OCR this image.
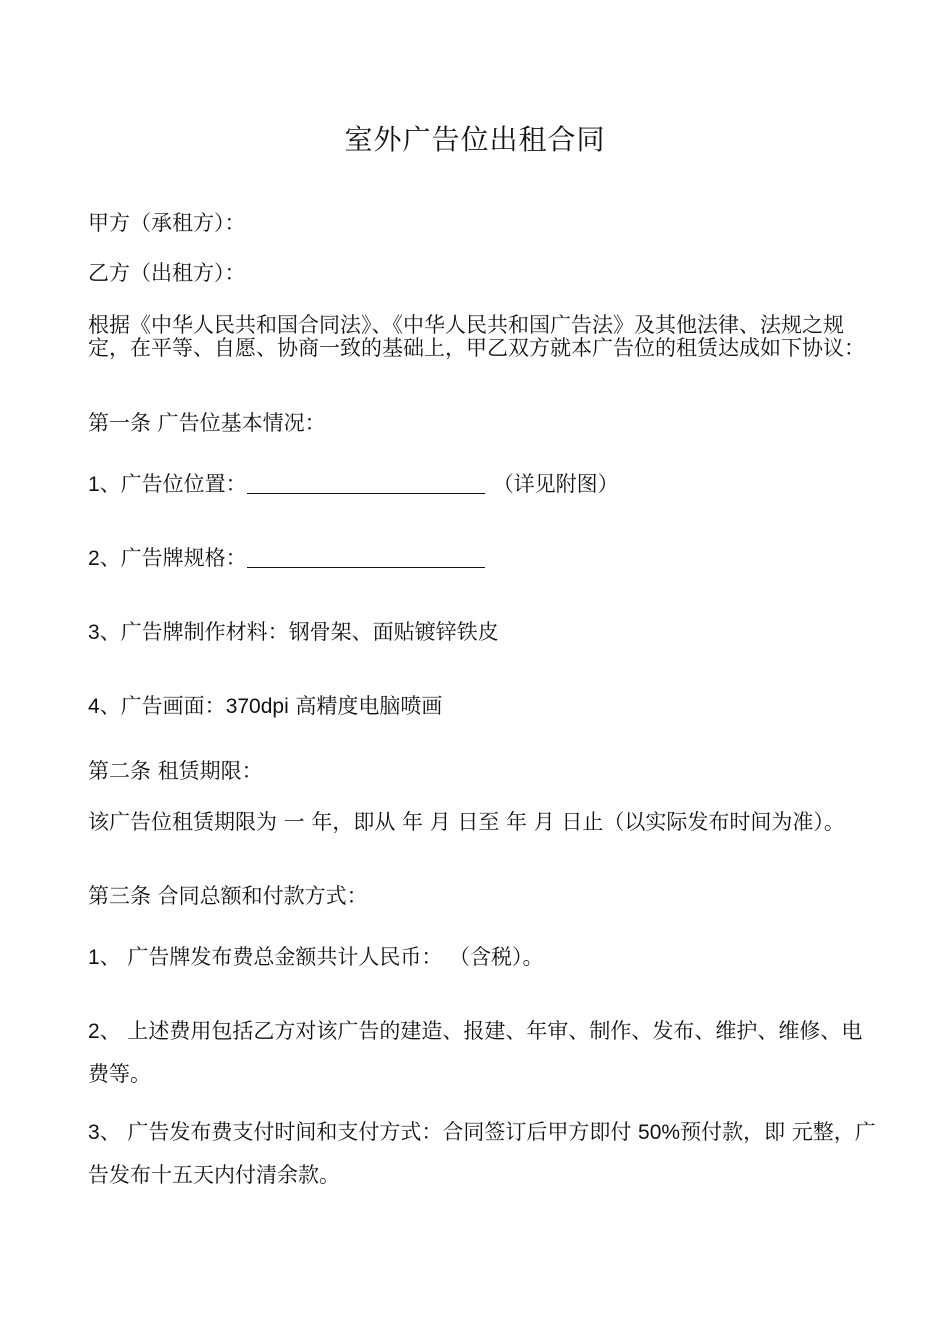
室外广告位出租合同

甲方（承租方）：

乙方（出租方）：

根据《中华人民共和国合同法》、《中华人民共和国广告法》及其他法律、法规之规定，在平等、自愿、协商一致的基础上，甲乙双方就本广告位的租赁达成如下协议：

第一条 广告位基本情况：

1、广告位位置：	（详见附图）

2、广告牌规格：

3、广告牌制作材料：钢骨架、面贴镀锌铁皮

4、广告画面：370dpi 高精度电脑喷画

第二条 租赁期限：

该广告位租赁期限为 一 年，即从 年 月 日至 年 月 日止（以实际发布时间为准）。

第三条 合同总额和付款方式：

1、 广告牌发布费总金额共计人民币： （含税）。

2、 上述费用包括乙方对该广告的建造、报建、年审、制作、发布、维护、维修、电费等。

3、 广告发布费支付时间和支付方式：合同签订后甲方即付 50%预付款，即 元整，广告发布十五天内付清余款。
